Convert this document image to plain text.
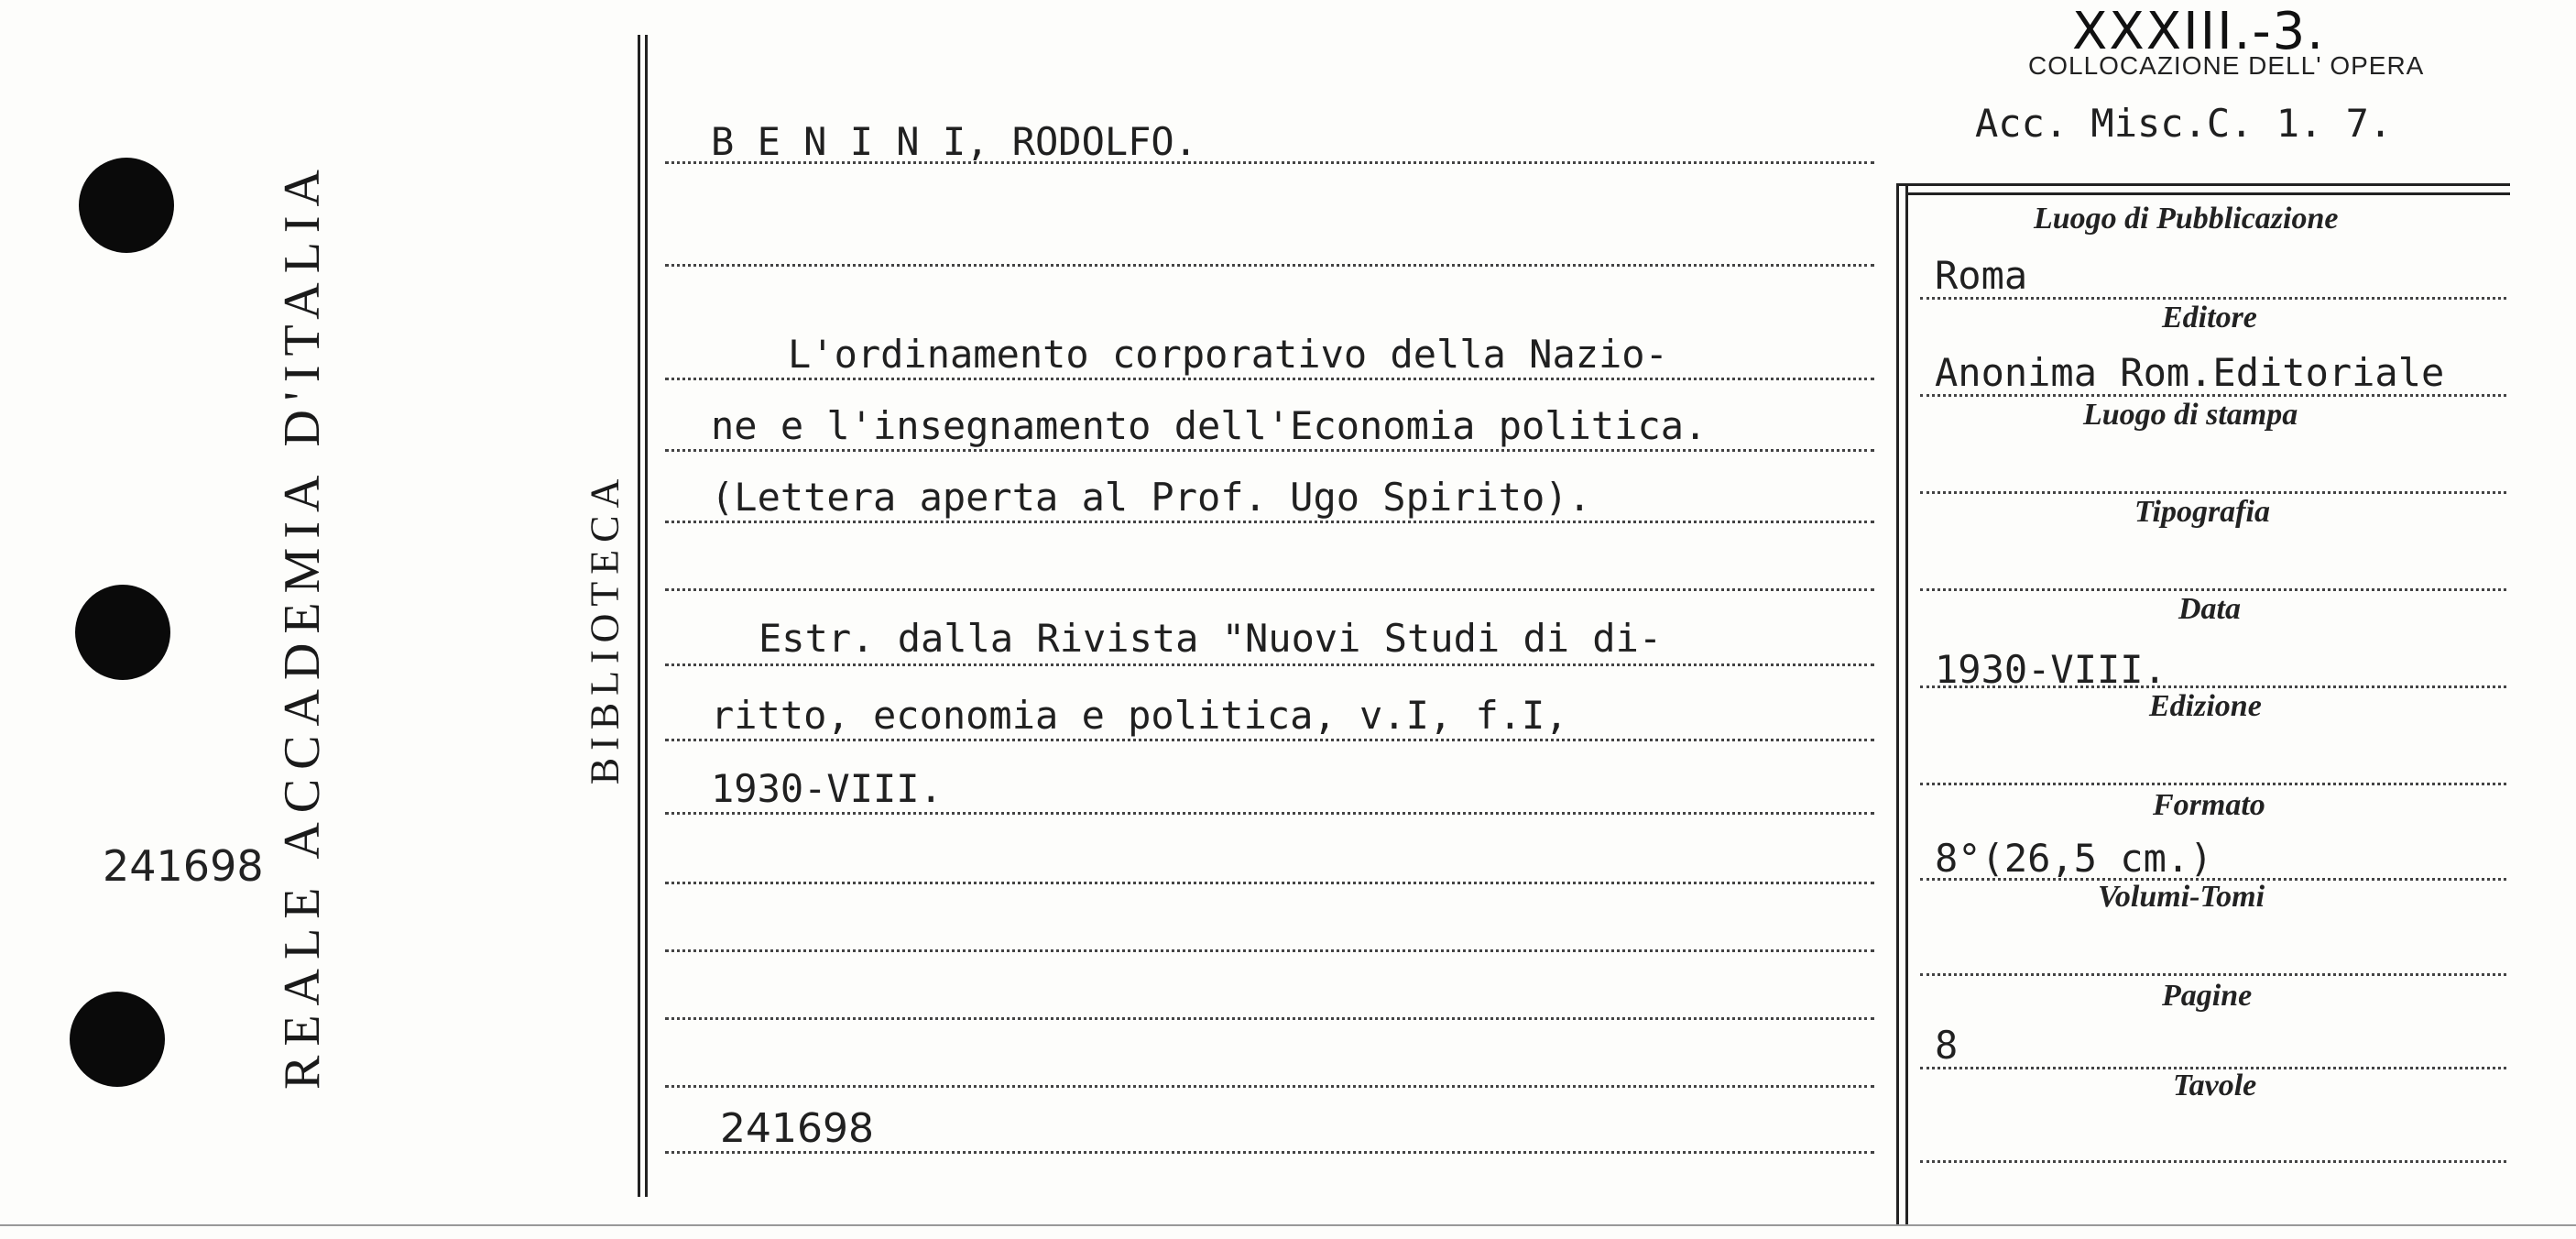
241698 REALE ACCADEMIA D'ITALIA	BIBLIOTECA
XXXIII.-3.
COLLOCAZIONE DELL' OPERA
Acc. Misc.C. 1. 7.
B E N I N I, RODOLFO.
L'ordinamento corporativo della Nazio-
ne e l'insegnamento dell'Economia politica.
(Lettera aperta al Prof. Ugo Spirito).
Estr. dalla Rivista "Nuovi Studi di di-
ritto, economia e politica, v.I, f.I,
1930-VIII.
241698
Luogo di Pubblicazione
Roma
Editore
Anonima Rom.Editoriale
Luogo di stampa
Tipografia
Data
1930-VIII.
Edizione
Formato
8°(26,5 cm.)
Volumi-Tomi
Pagine
8
Tavole
